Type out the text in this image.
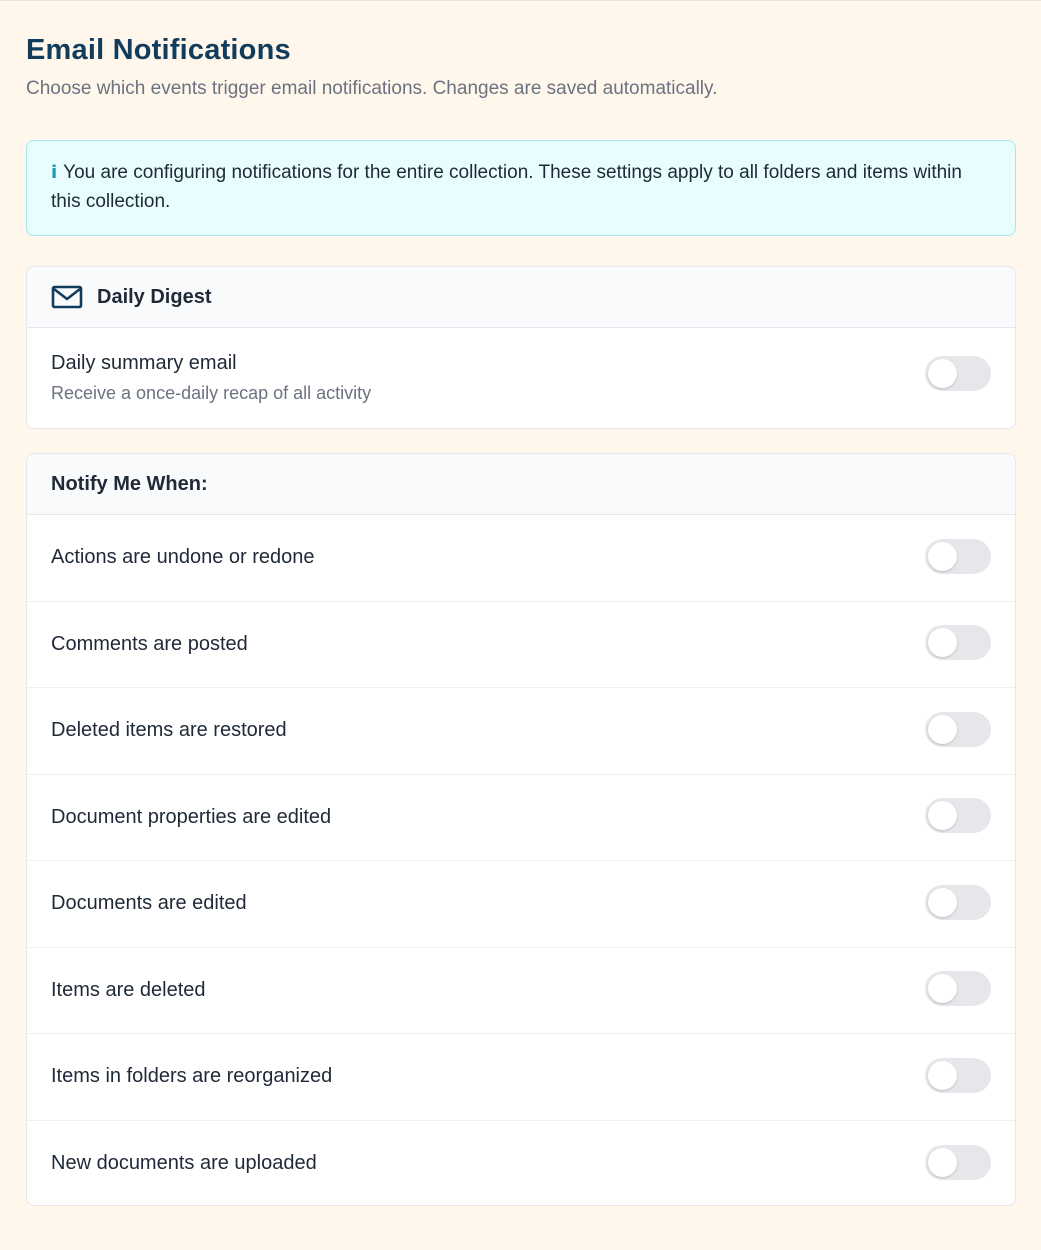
Email Notifications

Choose which events trigger email notifications. Changes are saved automatically.

i You are configuring notifications for the entire collection. These settings apply to all folders and items within this collection.
Daily Digest
Daily summary email
Receive a once-daily recap of all activity
Notify Me When:
Actions are undone or redone
Comments are posted
Deleted items are restored
Document properties are edited
Documents are edited
Items are deleted
Items in folders are reorganized
New documents are uploaded
